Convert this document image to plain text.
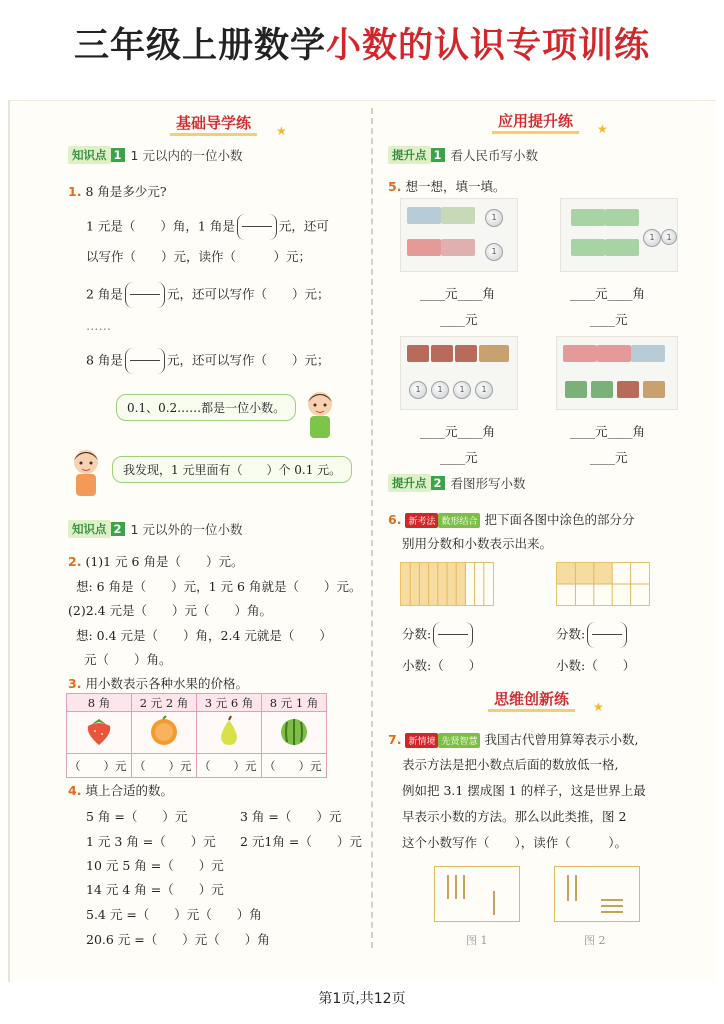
三年级上册数学小数的认识专项训练
基础导学练	★
知识点 1 1 元以内的一位小数
1. 8 角是多少元?
1 元是（　　）角，1 角是	元，还可
以写作（　　）元，读作（　　　）元；
2 角是	元，还可以写作（　　）元；
……
8 角是	元，还可以写作（　　）元；
0.1、0.2……都是一位小数。
我发现，1 元里面有（　　）个 0.1 元。
知识点 2 1 元以外的一位小数
2. (1)1 元 6 角是（　　）元。
想: 6 角是（　　）元，1 元 6 角就是（　　）元。
(2)2.4 元是（　　）元（　　）角。
想: 0.4 元是（　　）角，2.4 元就是（　　）
元（　　）角。
3. 用小数表示各种水果的价格。
8 角	2 元 2 角	3 元 6 角	8 元 1 角

（　　）元	（　　）元	（　　）元	（　　）元
4. 填上合适的数。
5 角 =（　　）元	3 角 =（　　）元
1 元 3 角 =（　　）元 2 元1角 =（　　）元
10 元 5 角 =（　　）元
14 元 4 角 =（　　）元
5.4 元 =（　　）元（　　）角
20.6 元 =（　　）元（　　）角
应用提升练	★
提升点 1 看人民币写小数
5. 想一想，填一填。
1
1
1	1
____元____角
____元
____元____角
____元
1	1	1	1
____元____角
____元
____元____角
____元
提升点 2 看图形写小数
6. 新考法 数形结合 把下面各图中涂色的部分分
别用分数和小数表示出来。
分数:	分数:
小数:（　　）	小数:（　　）
思维创新练	★
7. 新情境 先贤智慧 我国古代曾用算筹表示小数,
表示方法是把小数点后面的数放低一格,
例如把 3.1 摆成图 1 的样子，这是世界上最
早表示小数的方法。那么以此类推，图 2
这个小数写作（　　），读作（　　　）。
图 1	图 2
第1页,共12页
